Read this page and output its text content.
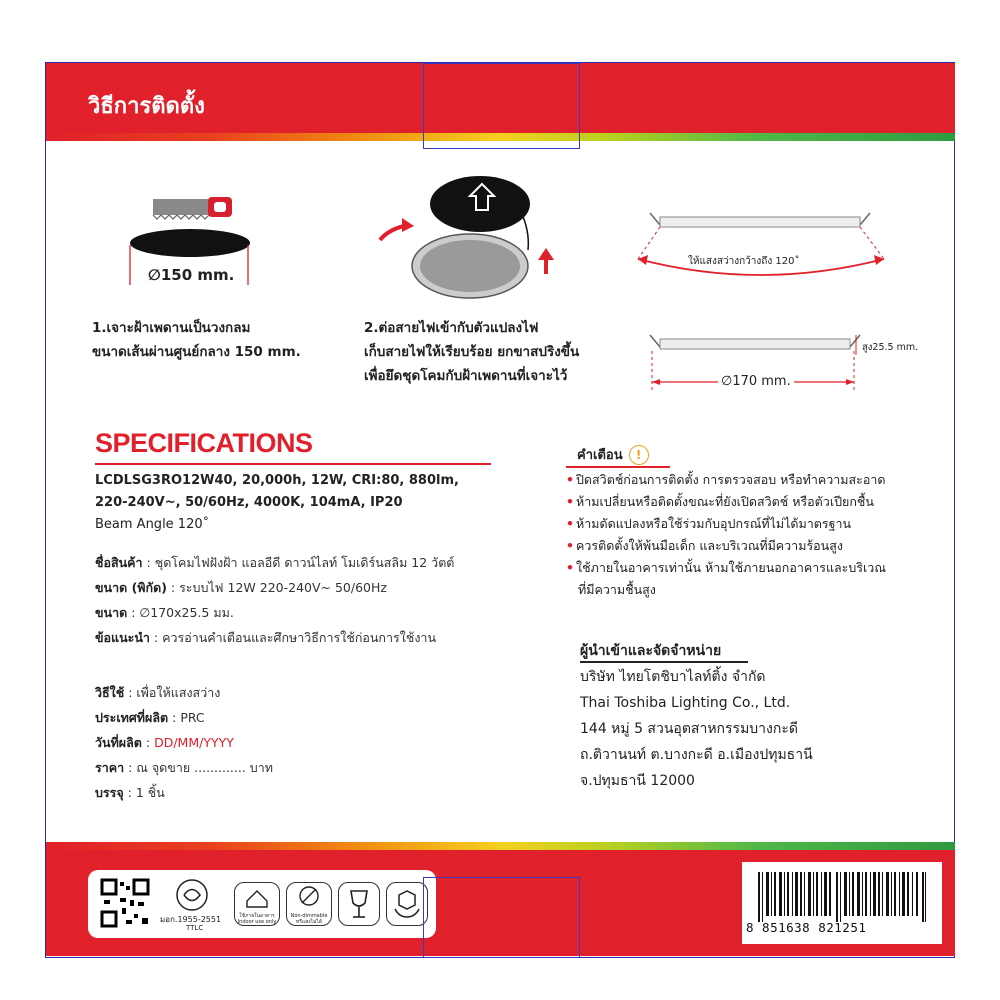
วิธีการติดตั้ง
∅150 mm.
1.เจาะฝ้าเพดานเป็นวงกลม
ขนาดเส้นผ่านศูนย์กลาง 150 mm.
2.ต่อสายไฟเข้ากับตัวแปลงไฟ
เก็บสายไฟให้เรียบร้อย ยกขาสปริงขึ้น
เพื่อยึดชุดโคมกับฝ้าเพดานที่เจาะไว้
ให้แสงสว่างกว้างถึง 120˚
สูง25.5 mm.
∅170 mm.
SPECIFICATIONS
LCDLSG3RO12W40, 20,000h, 12W, CRI:80, 880lm,
220-240V~, 50/60Hz, 4000K, 104mA, IP20
Beam Angle 120˚
ชื่อสินค้า : ชุดโคมไฟฝังฝ้า แอลอีดี ดาวน์ไลท์ โมเดิร์นสลิม 12 วัตต์
ขนาด (พิกัด) : ระบบไฟ 12W 220-240V~ 50/60Hz
ขนาด : ∅170x25.5 มม.
ข้อแนะนำ : ควรอ่านคำเตือนและศึกษาวิธีการใช้ก่อนการใช้งาน
วิธีใช้ : เพื่อให้แสงสว่าง
ประเทศที่ผลิต : PRC
วันที่ผลิต : DD/MM/YYYY
ราคา : ณ จุดขาย ............. บาท
บรรจุ : 1 ชิ้น
คำเตือน	!
• ปิดสวิตช์ก่อนการติดตั้ง การตรวจสอบ หรือทำความสะอาด
• ห้ามเปลี่ยนหรือติดตั้งขณะที่ยังเปิดสวิตช์ หรือตัวเปียกชื้น
• ห้ามดัดแปลงหรือใช้ร่วมกับอุปกรณ์ที่ไม่ได้มาตรฐาน
• ควรติดตั้งให้พ้นมือเด็ก และบริเวณที่มีความร้อนสูง
• ใช้ภายในอาคารเท่านั้น ห้ามใช้ภายนอกอาคารและบริเวณ
ที่มีความชื้นสูง
ผู้นำเข้าและจัดจำหน่าย
บริษัท ไทยโตชิบาไลท์ติ้ง จำกัด
Thai Toshiba Lighting Co., Ltd.
144 หมู่ 5 สวนอุตสาหกรรมบางกะดี
ถ.ติวานนท์ ต.บางกะดี อ.เมืองปทุมธานี
จ.ปทุมธานี 12000
มอก.1955-2551
TTLC
ใช้ภายในอาคาร Indoor use only
Non-dimmable หรี่แสงไม่ได้	8 851638 821251
